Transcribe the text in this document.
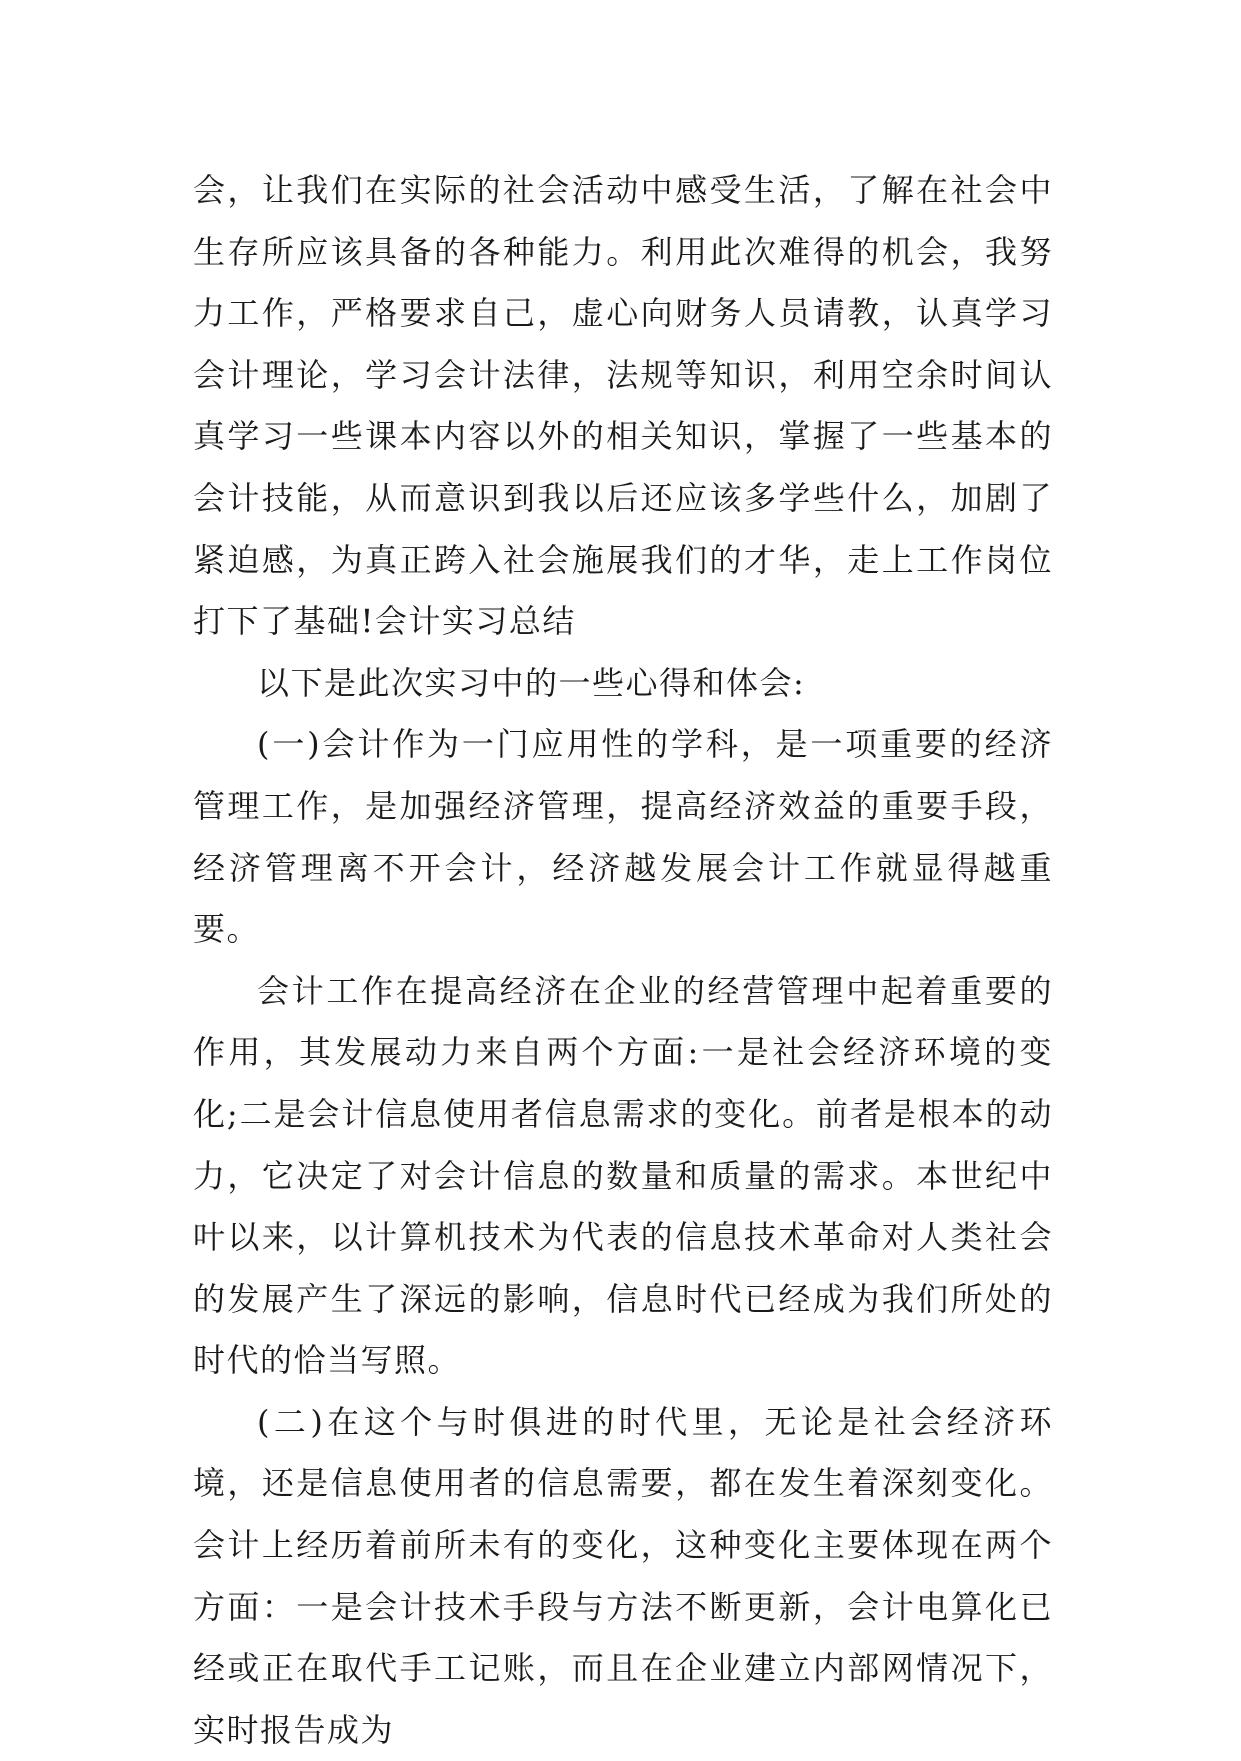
会，让我们在实际的社会活动中感受生活，了解在社会中生存所应该具备的各种能力。利用此次难得的机会，我努力工作，严格要求自己，虚心向财务人员请教，认真学习会计理论，学习会计法律，法规等知识，利用空余时间认真学习一些课本内容以外的相关知识，掌握了一些基本的会计技能，从而意识到我以后还应该多学些什么，加剧了紧迫感，为真正跨入社会施展我们的才华，走上工作岗位打下了基础!会计实习总结

以下是此次实习中的一些心得和体会:

(一)会计作为一门应用性的学科，是一项重要的经济管理工作，是加强经济管理，提高经济效益的重要手段，经济管理离不开会计，经济越发展会计工作就显得越重要。

会计工作在提高经济在企业的经营管理中起着重要的作用，其发展动力来自两个方面:一是社会经济环境的变化;二是会计信息使用者信息需求的变化。前者是根本的动力，它决定了对会计信息的数量和质量的需求。本世纪中叶以来，以计算机技术为代表的信息技术革命对人类社会的发展产生了深远的影响，信息时代已经成为我们所处的时代的恰当写照。

(二)在这个与时俱进的时代里，无论是社会经济环境，还是信息使用者的信息需要，都在发生着深刻变化。会计上经历着前所未有的变化，这种变化主要体现在两个方面：一是会计技术手段与方法不断更新，会计电算化已经或正在取代手工记账，而且在企业建立内部网情况下，实时报告成为
